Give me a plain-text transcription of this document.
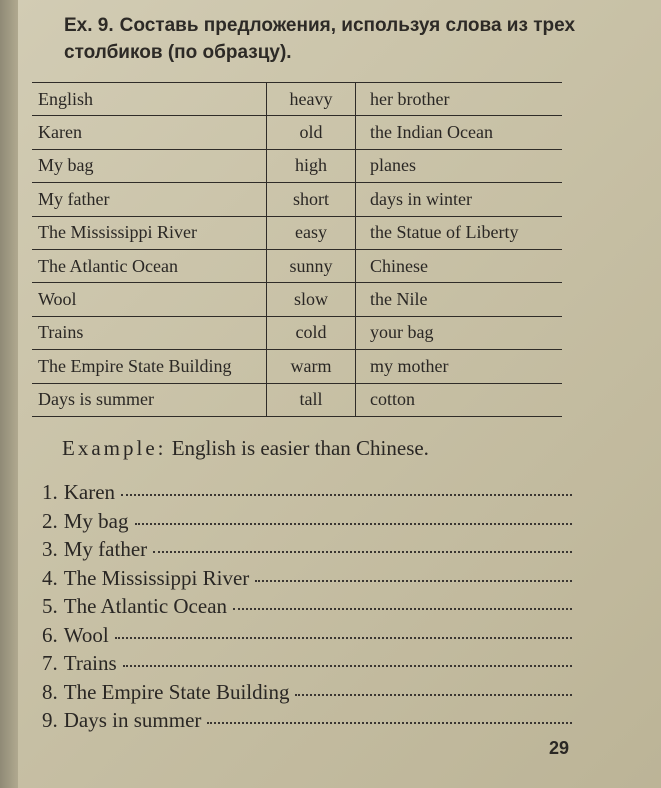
Ex. 9. Составь предложения, используя слова из трех столбиков (по образцу).
English	heavy	her brother
Karen	old	the Indian Ocean
My bag	high	planes
My father	short	days in winter
The Mississippi River	easy	the Statue of Liberty
The Atlantic Ocean	sunny	Chinese
Wool	slow	the Nile
Trains	cold	your bag
The Empire State Building	warm	my mother
Days is summer	tall	cotton
Example: English is easier than Chinese.
1. Karen
2. My bag
3. My father
4. The Mississippi River
5. The Atlantic Ocean
6. Wool
7. Trains
8. The Empire State Building
9. Days in summer
29
